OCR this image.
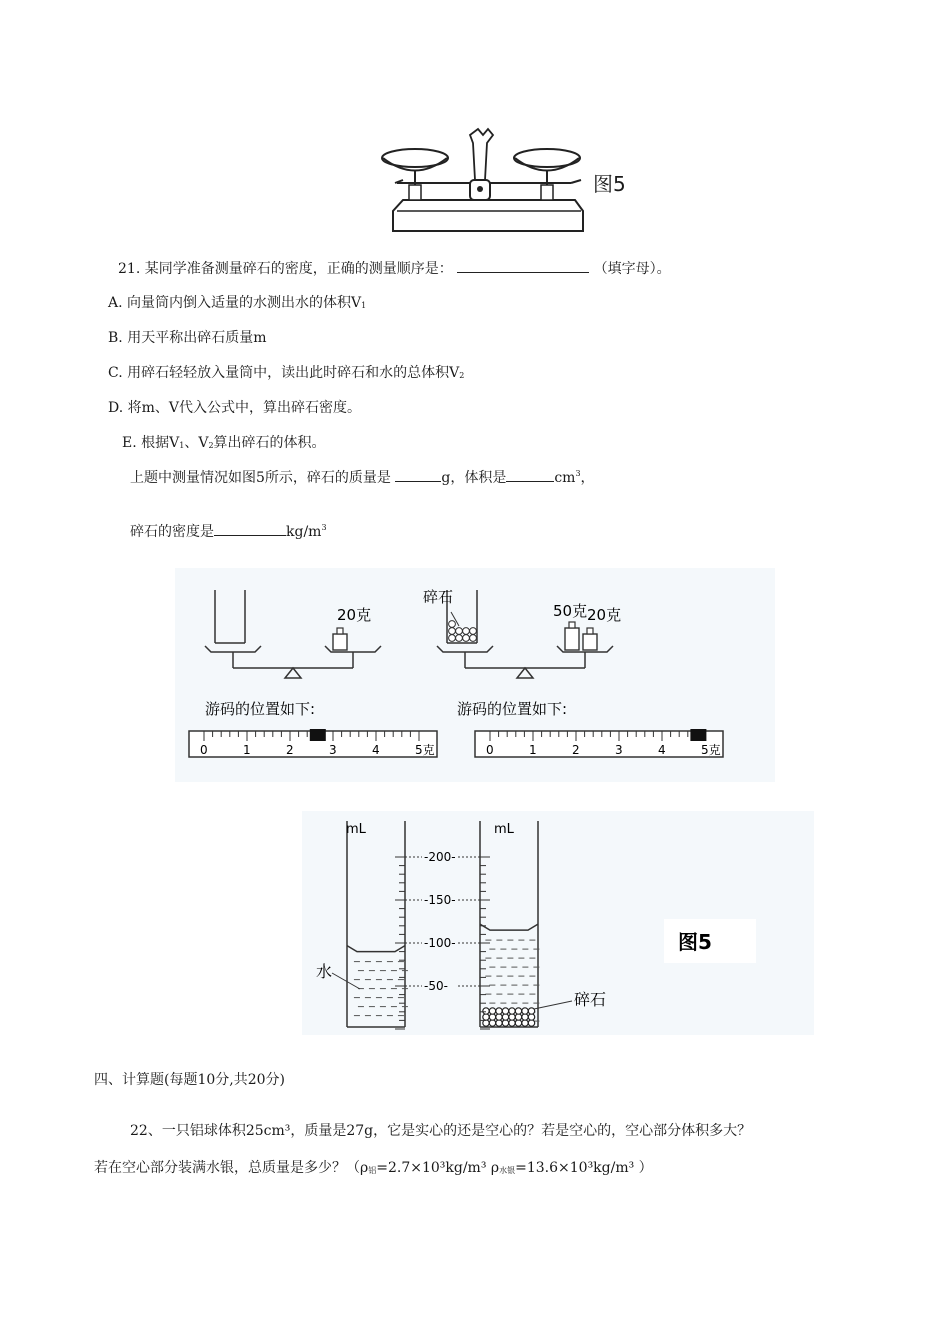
图5
21. 某同学准备测量碎石的密度，正确的测量顺序是：	（填字母）。
A. 向量筒内倒入适量的水测出水的体积V1
B. 用天平称出碎石质量m
C. 用碎石轻轻放入量筒中，读出此时碎石和水的总体积V2
D. 将m、V代入公式中，算出碎石密度。
E. 根据V1、V2算出碎石的体积。
上题中测量情况如图5所示，碎石的质量是	g，体积是	$cm^3$，
碎石的密度是	$kg/m^3$
0	1	2	3	4	5克	0	1	2	3	4	5克
20克
碎石
50克 20克
游码的位置如下:	游码的位置如下:
-200-
-150-
-100-
-50-
mL	mL
水
碎石
图5
四、计算题(每题10分,共20分)
22、一只铝球体积25cm³，质量是27g，它是实心的还是空心的？若是空心的，空心部分体积多大？
若在空心部分装满水银，总质量是多少？（ρ铝=2.7×10³kg/m³ ρ水银=13.6×10³kg/m³ ）
